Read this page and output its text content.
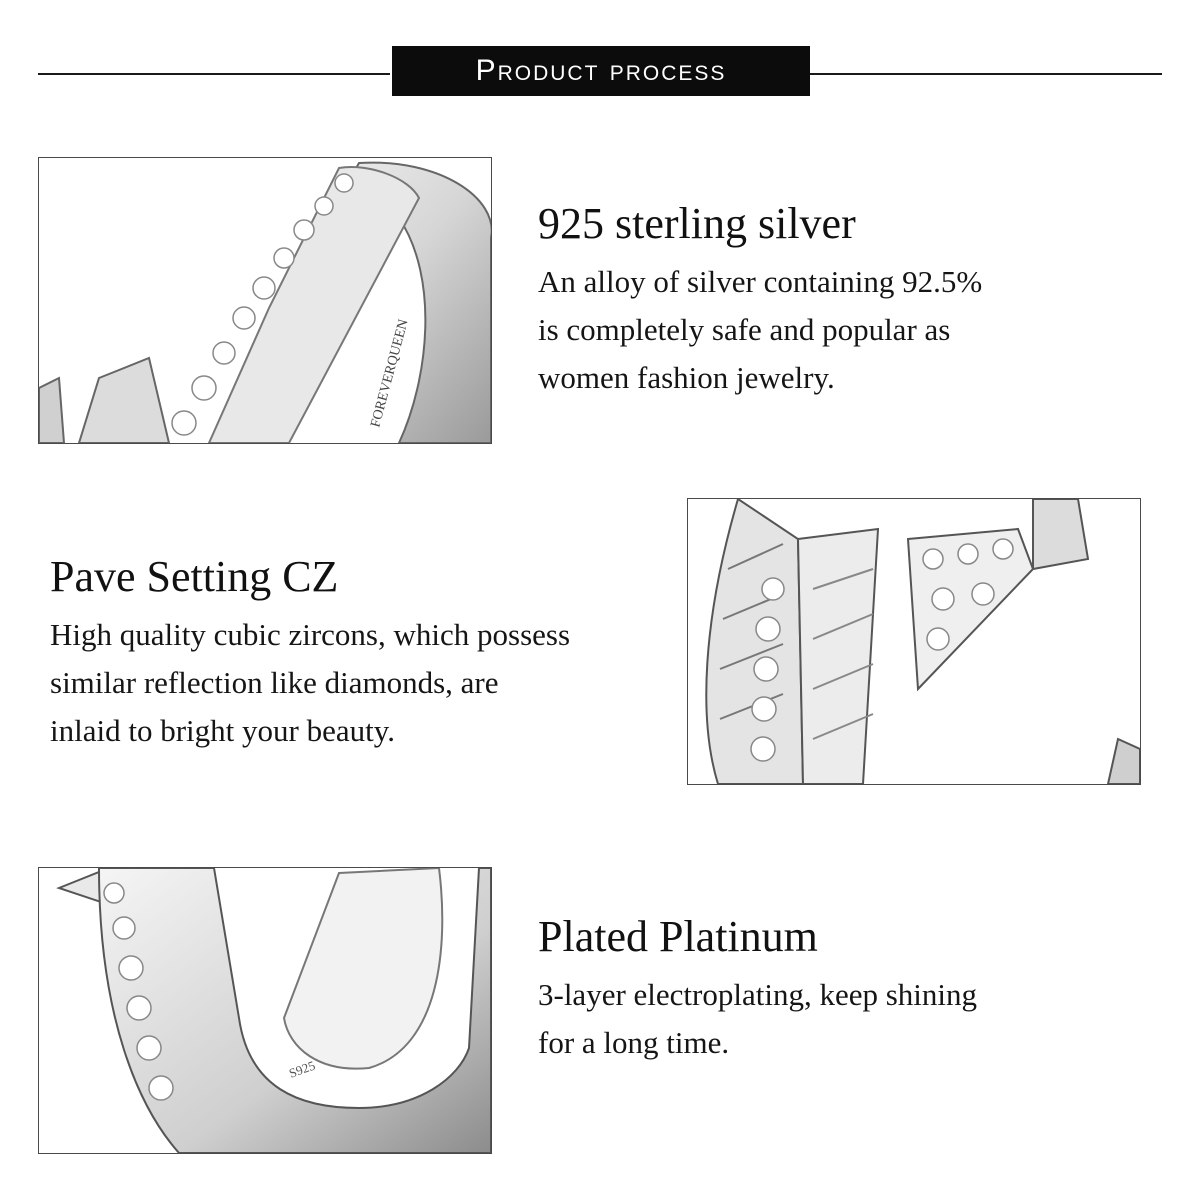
Product process
FOREVERQUEEN
925 sterling silver

An alloy of silver containing 92.5%
is completely safe and popular as
women fashion jewelry.

Pave Setting CZ

High quality cubic zircons, which possess
similar reflection like diamonds, are
inlaid to bright your beauty.

S925
Plated Platinum

3-layer electroplating, keep shining
for a long time.
